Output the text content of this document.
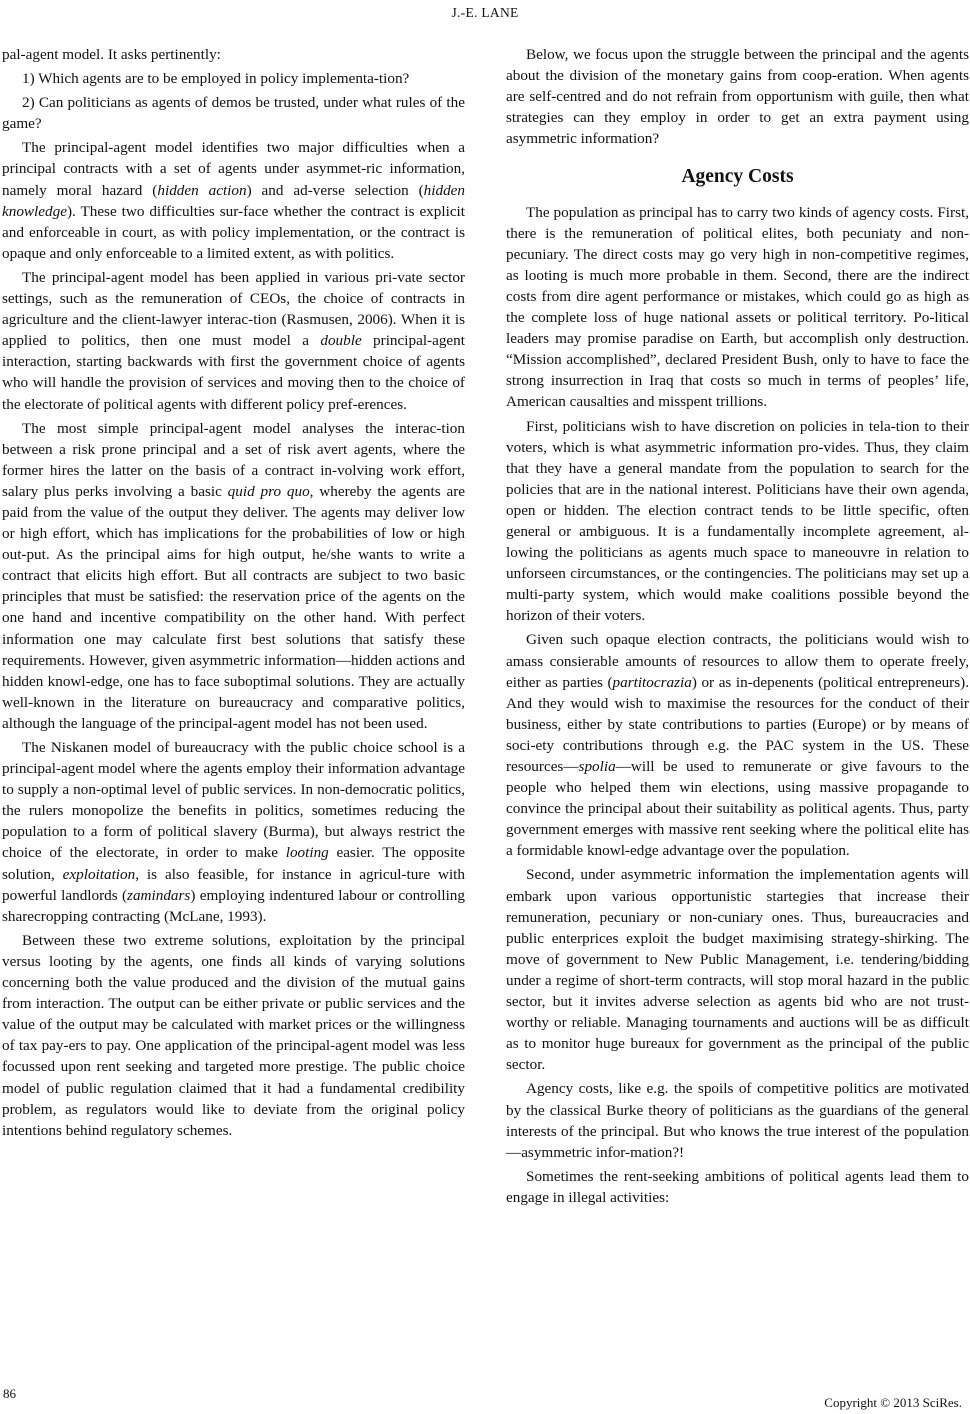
J.-E. LANE

pal-agent model. It asks pertinently:

1) Which agents are to be employed in policy implementa-tion?

2) Can politicians as agents of demos be trusted, under what rules of the game?

The principal-agent model identifies two major difficulties when a principal contracts with a set of agents under asymmet-ric information, namely moral hazard (hidden action) and ad-verse selection (hidden knowledge). These two difficulties sur-face whether the contract is explicit and enforceable in court, as with policy implementation, or the contract is opaque and only enforceable to a limited extent, as with politics.

The principal-agent model has been applied in various pri-vate sector settings, such as the remuneration of CEOs, the choice of contracts in agriculture and the client-lawyer interac-tion (Rasmusen, 2006). When it is applied to politics, then one must model a double principal-agent interaction, starting backwards with first the government choice of agents who will handle the provision of services and moving then to the choice of the electorate of political agents with different policy pref-erences.

The most simple principal-agent model analyses the interac-tion between a risk prone principal and a set of risk avert agents, where the former hires the latter on the basis of a contract in-volving work effort, salary plus perks involving a basic quid pro quo, whereby the agents are paid from the value of the output they deliver. The agents may deliver low or high effort, which has implications for the probabilities of low or high out-put. As the principal aims for high output, he/she wants to write a contract that elicits high effort. But all contracts are subject to two basic principles that must be satisfied: the reservation price of the agents on the one hand and incentive compatibility on the other hand. With perfect information one may calculate first best solutions that satisfy these requirements. However, given asymmetric information—hidden actions and hidden knowl-edge, one has to face suboptimal solutions. They are actually well-known in the literature on bureaucracy and comparative politics, although the language of the principal-agent model has not been used.

The Niskanen model of bureaucracy with the public choice school is a principal-agent model where the agents employ their information advantage to supply a non-optimal level of public services. In non-democratic politics, the rulers monopolize the benefits in politics, sometimes reducing the population to a form of political slavery (Burma), but always restrict the choice of the electorate, in order to make looting easier. The opposite solution, exploitation, is also feasible, for instance in agricul-ture with powerful landlords (zamindars) employing indentured labour or controlling sharecropping contracting (McLane, 1993).

Between these two extreme solutions, exploitation by the principal versus looting by the agents, one finds all kinds of varying solutions concerning both the value produced and the division of the mutual gains from interaction. The output can be either private or public services and the value of the output may be calculated with market prices or the willingness of tax pay-ers to pay. One application of the principal-agent model was less focussed upon rent seeking and targeted more prestige. The public choice model of public regulation claimed that it had a fundamental credibility problem, as regulators would like to deviate from the original policy intentions behind regulatory schemes.

Below, we focus upon the struggle between the principal and the agents about the division of the monetary gains from coop-eration. When agents are self-centred and do not refrain from opportunism with guile, then what strategies can they employ in order to get an extra payment using asymmetric information?

Agency Costs

The population as principal has to carry two kinds of agency costs. First, there is the remuneration of political elites, both pecuniaty and non-pecuniary. The direct costs may go very high in non-competitive regimes, as looting is much more probable in them. Second, there are the indirect costs from dire agent performance or mistakes, which could go as high as the complete loss of huge national assets or political territory. Po-litical leaders may promise paradise on Earth, but accomplish only destruction. “Mission accomplished”, declared President Bush, only to have to face the strong insurrection in Iraq that costs so much in terms of peoples’ life, American causalties and misspent trillions.

First, politicians wish to have discretion on policies in tela-tion to their voters, which is what asymmetric information pro-vides. Thus, they claim that they have a general mandate from the population to search for the policies that are in the national interest. Politicians have their own agenda, open or hidden. The election contract tends to be little specific, often general or ambiguous. It is a fundamentally incomplete agreement, al-lowing the politicians as agents much space to maneouvre in relation to unforseen circumstances, or the contingencies. The politicians may set up a multi-party system, which would make coalitions possible beyond the horizon of their voters.

Given such opaque election contracts, the politicians would wish to amass consierable amounts of resources to allow them to operate freely, either as parties (partitocrazia) or as in-depenents (political entrepreneurs). And they would wish to maximise the resources for the conduct of their business, either by state contributions to parties (Europe) or by means of soci-ety contributions through e.g. the PAC system in the US. These resources—spolia—will be used to remunerate or give favours to the people who helped them win elections, using massive propagande to convince the principal about their suitability as political agents. Thus, party government emerges with massive rent seeking where the political elite has a formidable knowl-edge advantage over the population.

Second, under asymmetric information the implementation agents will embark upon various opportunistic startegies that increase their remuneration, pecuniary or non-cuniary ones. Thus, bureaucracies and public enterprices exploit the budget maximising strategy-shirking. The move of government to New Public Management, i.e. tendering/bidding under a regime of short-term contracts, will stop moral hazard in the public sector, but it invites adverse selection as agents bid who are not trust-worthy or reliable. Managing tournaments and auctions will be as difficult as to monitor huge bureaux for government as the principal of the public sector.

Agency costs, like e.g. the spoils of competitive politics are motivated by the classical Burke theory of politicians as the guardians of the general interests of the principal. But who knows the true interest of the population—asymmetric infor-mation?!

Sometimes the rent-seeking ambitions of political agents lead them to engage in illegal activities:

86
Copyright © 2013 SciRes.
